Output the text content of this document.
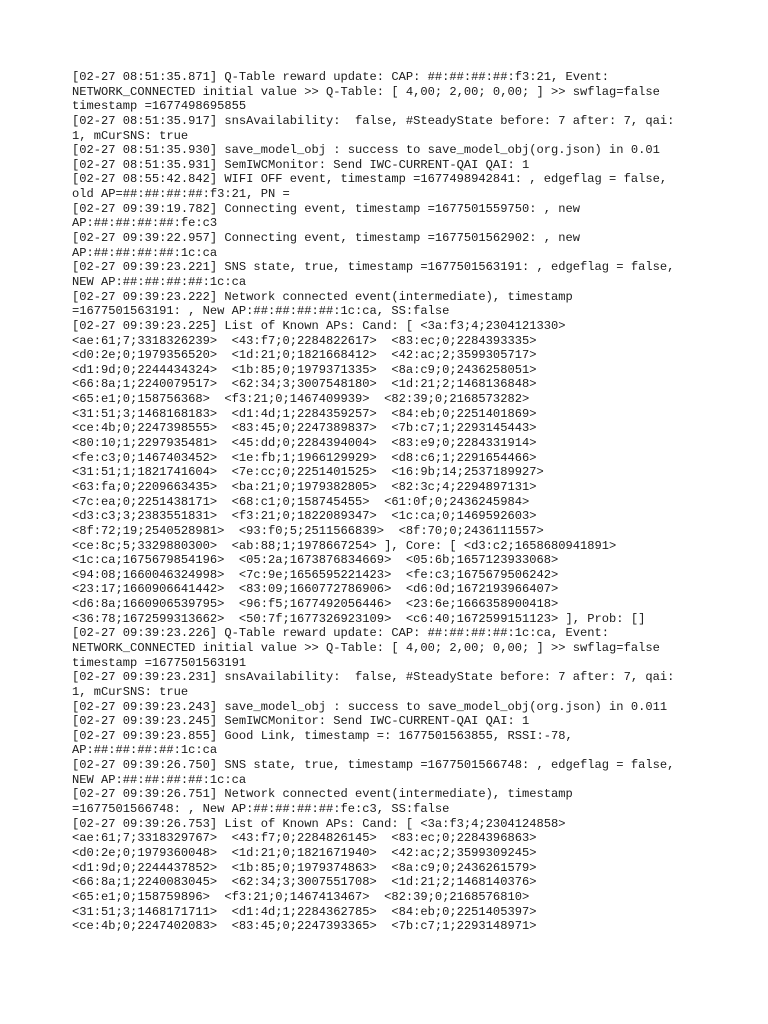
[02-27 08:51:35.871] Q-Table reward update: CAP: ##:##:##:##:f3:21, Event:
NETWORK_CONNECTED initial value >> Q-Table: [ 4,00; 2,00; 0,00; ] >> swflag=false
timestamp =1677498695855
[02-27 08:51:35.917] snsAvailability:  false, #SteadyState before: 7 after: 7, qai:
1, mCurSNS: true
[02-27 08:51:35.930] save_model_obj : success to save_model_obj(org.json) in 0.01
[02-27 08:51:35.931] SemIWCMonitor: Send IWC-CURRENT-QAI QAI: 1
[02-27 08:55:42.842] WIFI OFF event, timestamp =1677498942841: , edgeflag = false,
old AP=##:##:##:##:f3:21, PN =
[02-27 09:39:19.782] Connecting event, timestamp =1677501559750: , new
AP:##:##:##:##:fe:c3
[02-27 09:39:22.957] Connecting event, timestamp =1677501562902: , new
AP:##:##:##:##:1c:ca
[02-27 09:39:23.221] SNS state, true, timestamp =1677501563191: , edgeflag = false,
NEW AP:##:##:##:##:1c:ca
[02-27 09:39:23.222] Network connected event(intermediate), timestamp
=1677501563191: , New AP:##:##:##:##:1c:ca, SS:false
[02-27 09:39:23.225] List of Known APs: Cand: [ <3a:f3;4;2304121330>
<ae:61;7;3318326239>  <43:f7;0;2284822617>  <83:ec;0;2284393335>
<d0:2e;0;1979356520>  <1d:21;0;1821668412>  <42:ac;2;3599305717>
<d1:9d;0;2244434324>  <1b:85;0;1979371335>  <8a:c9;0;2436258051>
<66:8a;1;2240079517>  <62:34;3;3007548180>  <1d:21;2;1468136848>
<65:e1;0;158756368>  <f3:21;0;1467409939>  <82:39;0;2168573282>
<31:51;3;1468168183>  <d1:4d;1;2284359257>  <84:eb;0;2251401869>
<ce:4b;0;2247398555>  <83:45;0;2247389837>  <7b:c7;1;2293145443>
<80:10;1;2297935481>  <45:dd;0;2284394004>  <83:e9;0;2284331914>
<fe:c3;0;1467403452>  <1e:fb;1;1966129929>  <d8:c6;1;2291654466>
<31:51;1;1821741604>  <7e:cc;0;2251401525>  <16:9b;14;2537189927>
<63:fa;0;2209663435>  <ba:21;0;1979382805>  <82:3c;4;2294897131>
<7c:ea;0;2251438171>  <68:c1;0;158745455>  <61:0f;0;2436245984>
<d3:c3;3;2383551831>  <f3:21;0;1822089347>  <1c:ca;0;1469592603>
<8f:72;19;2540528981>  <93:f0;5;2511566839>  <8f:70;0;2436111557>
<ce:8c;5;3329880300>  <ab:88;1;1978667254> ], Core: [ <d3:c2;1658680941891>
<1c:ca;1675679854196>  <05:2a;1673876834669>  <05:6b;1657123933068>
<94:08;1660046324998>  <7c:9e;1656595221423>  <fe:c3;1675679506242>
<23:17;1660906641442>  <83:09;1660772786906>  <d6:0d;1672193966407>
<d6:8a;1660906539795>  <96:f5;1677492056446>  <23:6e;1666358900418>
<36:78;1672599313662>  <50:7f;1677326923109>  <c6:40;1672599151123> ], Prob: []
[02-27 09:39:23.226] Q-Table reward update: CAP: ##:##:##:##:1c:ca, Event:
NETWORK_CONNECTED initial value >> Q-Table: [ 4,00; 2,00; 0,00; ] >> swflag=false
timestamp =1677501563191
[02-27 09:39:23.231] snsAvailability:  false, #SteadyState before: 7 after: 7, qai:
1, mCurSNS: true
[02-27 09:39:23.243] save_model_obj : success to save_model_obj(org.json) in 0.011
[02-27 09:39:23.245] SemIWCMonitor: Send IWC-CURRENT-QAI QAI: 1
[02-27 09:39:23.855] Good Link, timestamp =: 1677501563855, RSSI:-78,
AP:##:##:##:##:1c:ca
[02-27 09:39:26.750] SNS state, true, timestamp =1677501566748: , edgeflag = false,
NEW AP:##:##:##:##:1c:ca
[02-27 09:39:26.751] Network connected event(intermediate), timestamp
=1677501566748: , New AP:##:##:##:##:fe:c3, SS:false
[02-27 09:39:26.753] List of Known APs: Cand: [ <3a:f3;4;2304124858>
<ae:61;7;3318329767>  <43:f7;0;2284826145>  <83:ec;0;2284396863>
<d0:2e;0;1979360048>  <1d:21;0;1821671940>  <42:ac;2;3599309245>
<d1:9d;0;2244437852>  <1b:85;0;1979374863>  <8a:c9;0;2436261579>
<66:8a;1;2240083045>  <62:34;3;3007551708>  <1d:21;2;1468140376>
<65:e1;0;158759896>  <f3:21;0;1467413467>  <82:39;0;2168576810>
<31:51;3;1468171711>  <d1:4d;1;2284362785>  <84:eb;0;2251405397>
<ce:4b;0;2247402083>  <83:45;0;2247393365>  <7b:c7;1;2293148971>
